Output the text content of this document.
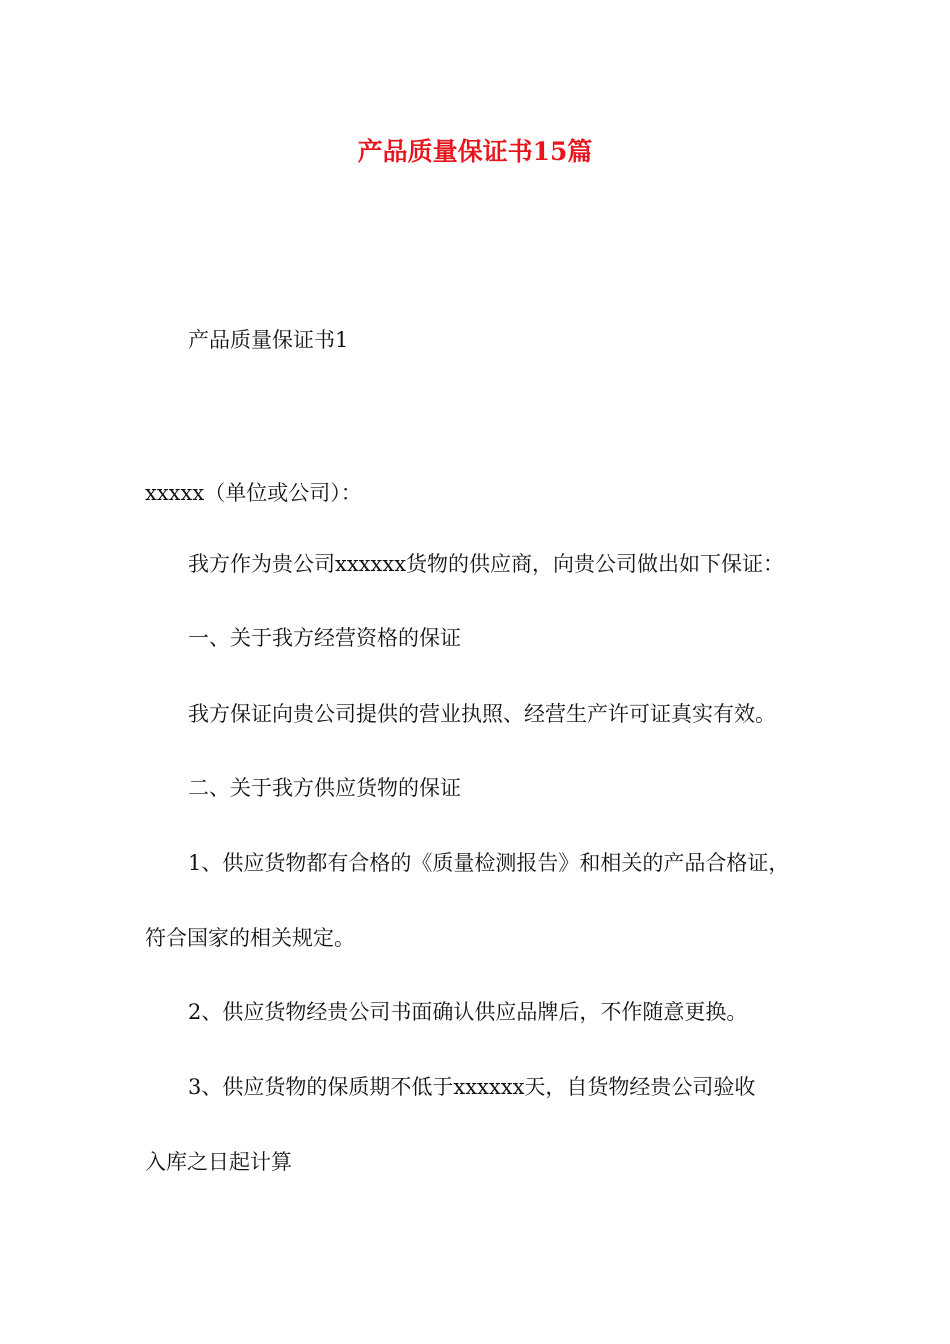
产品质量保证书15篇
产品质量保证书1
xxxxx（单位或公司）：
我方作为贵公司xxxxxx货物的供应商，向贵公司做出如下保证：
一、关于我方经营资格的保证
我方保证向贵公司提供的营业执照、经营生产许可证真实有效。
二、关于我方供应货物的保证
1、供应货物都有合格的《质量检测报告》和相关的产品合格证，
符合国家的相关规定。
2、供应货物经贵公司书面确认供应品牌后，不作随意更换。
3、供应货物的保质期不低于xxxxxx天，自货物经贵公司验收
入库之日起计算
